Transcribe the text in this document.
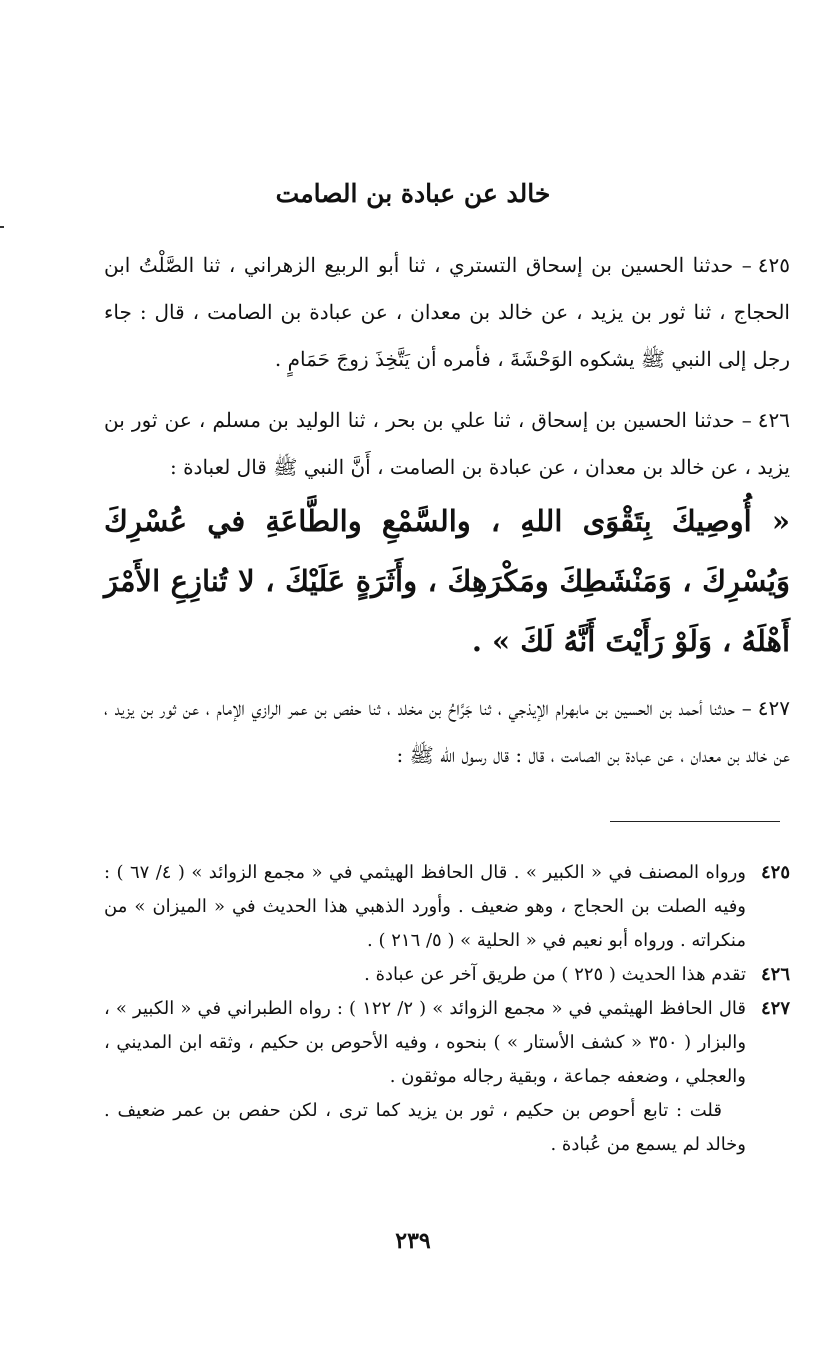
خالد عن عبادة بن الصامت

٤٢٥– حدثنا الحسين بن إسحاق التستري ، ثنا أبو الربيع الزهراني ، ثنا الصَّلْتُ ابن الحجاج ، ثنا ثور بن يزيد ، عن خالد بن معدان ، عن عبادة بن الصامت ، قال : جاء رجل إلى النبي ﷺ يشكوه الوَحْشَةَ ، فأمره أن يَتَّخِذَ زوجَ حَمَامٍ .

٤٢٦– حدثنا الحسين بن إسحاق ، ثنا علي بن بحر ، ثنا الوليد بن مسلم ، عن ثور بن يزيد ، عن خالد بن معدان ، عن عبادة بن الصامت ، أَنَّ النبي ﷺ قال لعبادة :

« أُوصِيكَ بِتَقْوَى اللهِ ، والسَّمْعِ والطَّاعَةِ في عُسْرِكَ وَيُسْرِكَ ، وَمَنْشَطِكَ ومَكْرَهِكَ ، وأَثَرَةٍ عَلَيْكَ ، لا تُنازِعِ الأَمْرَ أَهْلَهُ ، وَلَوْ رَأَيْتَ أَنَّهُ لَكَ » .

٤٢٧– حدثنا أحمد بن الحسين بن مابهرام الإيذجي ، ثنا جَرَّاحُ بن مخلد ، ثنا حفص بن عمر الرازي الإمام ، عن ثور بن يزيد ، عن خالد بن معدان ، عن عبادة بن الصامت ، قال : قال رسول الله ﷺ :

٤٢٥

ورواه المصنف في « الكبير » . قال الحافظ الهيثمي في « مجمع الزوائد » ( ٤/ ٦٧ ) : وفيه الصلت بن الحجاج ، وهو ضعيف . وأورد الذهبي هذا الحديث في « الميزان » من منكراته . ورواه أبو نعيم في « الحلية » ( ٥/ ٢١٦ ) .

٤٢٦

تقدم هذا الحديث ( ٢٢٥ ) من طريق آخر عن عبادة .

٤٢٧

قال الحافظ الهيثمي في « مجمع الزوائد » ( ٢/ ١٢٢ ) : رواه الطبراني في « الكبير » ، والبزار ( ٣٥٠ « كشف الأستار » ) بنحوه ، وفيه الأحوص بن حكيم ، وثقه ابن المديني ، والعجلي ، وضعفه جماعة ، وبقية رجاله موثقون .

قلت : تابع أحوص بن حكيم ، ثور بن يزيد كما ترى ، لكن حفص بن عمر ضعيف . وخالد لم يسمع من عُبادة .

٢٣٩
